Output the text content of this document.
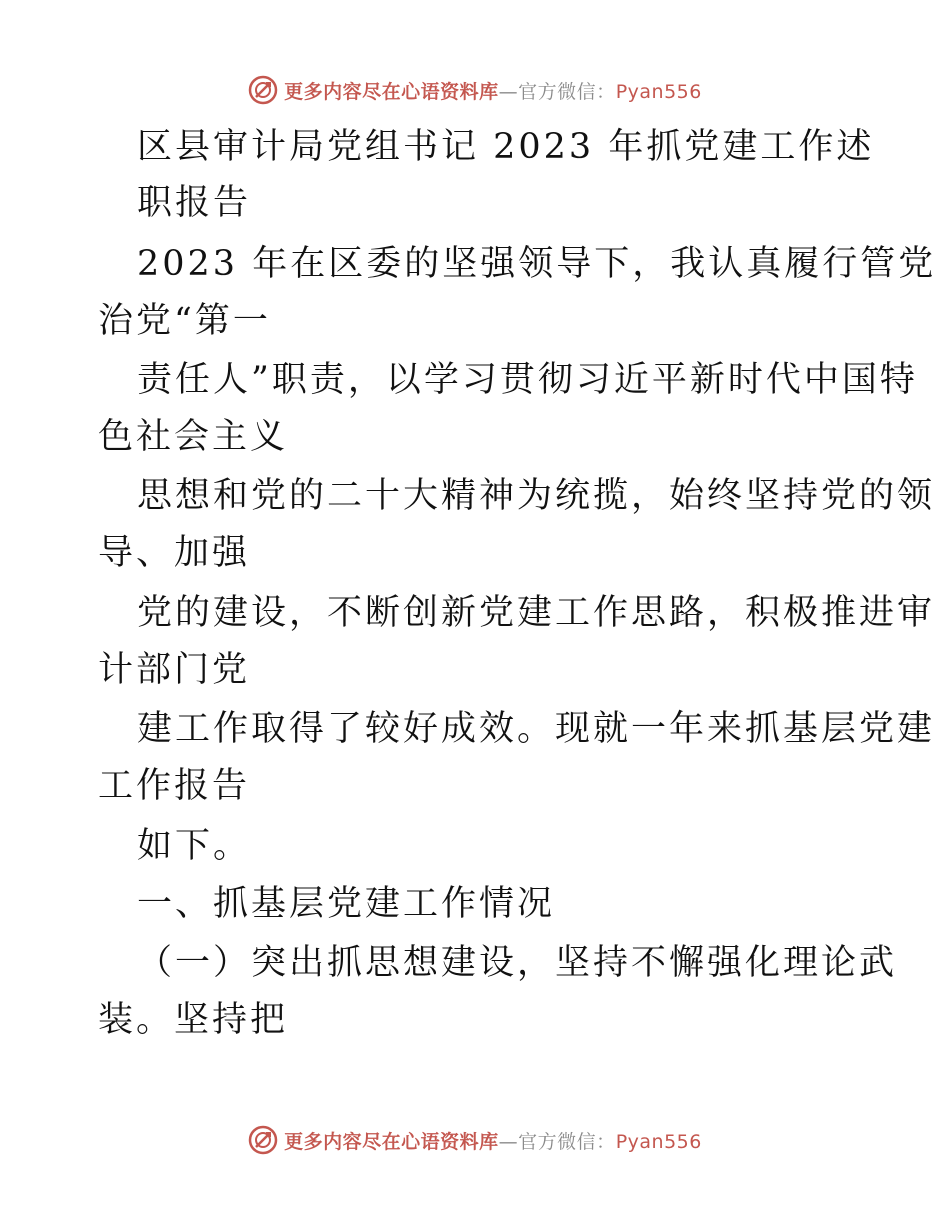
更多内容尽在心语资料库—官方微信：Pyan556
区县审计局党组书记 2023 年抓党建工作述
职报告
2023 年在区委的坚强领导下，我认真履行管党
治党“第一
责任人”职责，以学习贯彻习近平新时代中国特
色社会主义
思想和党的二十大精神为统揽，始终坚持党的领
导、加强
党的建设，不断创新党建工作思路，积极推进审
计部门党
建工作取得了较好成效。现就一年来抓基层党建
工作报告
如下。
一、抓基层党建工作情况
（一）突出抓思想建设，坚持不懈强化理论武
装。坚持把
更多内容尽在心语资料库—官方微信：Pyan556
